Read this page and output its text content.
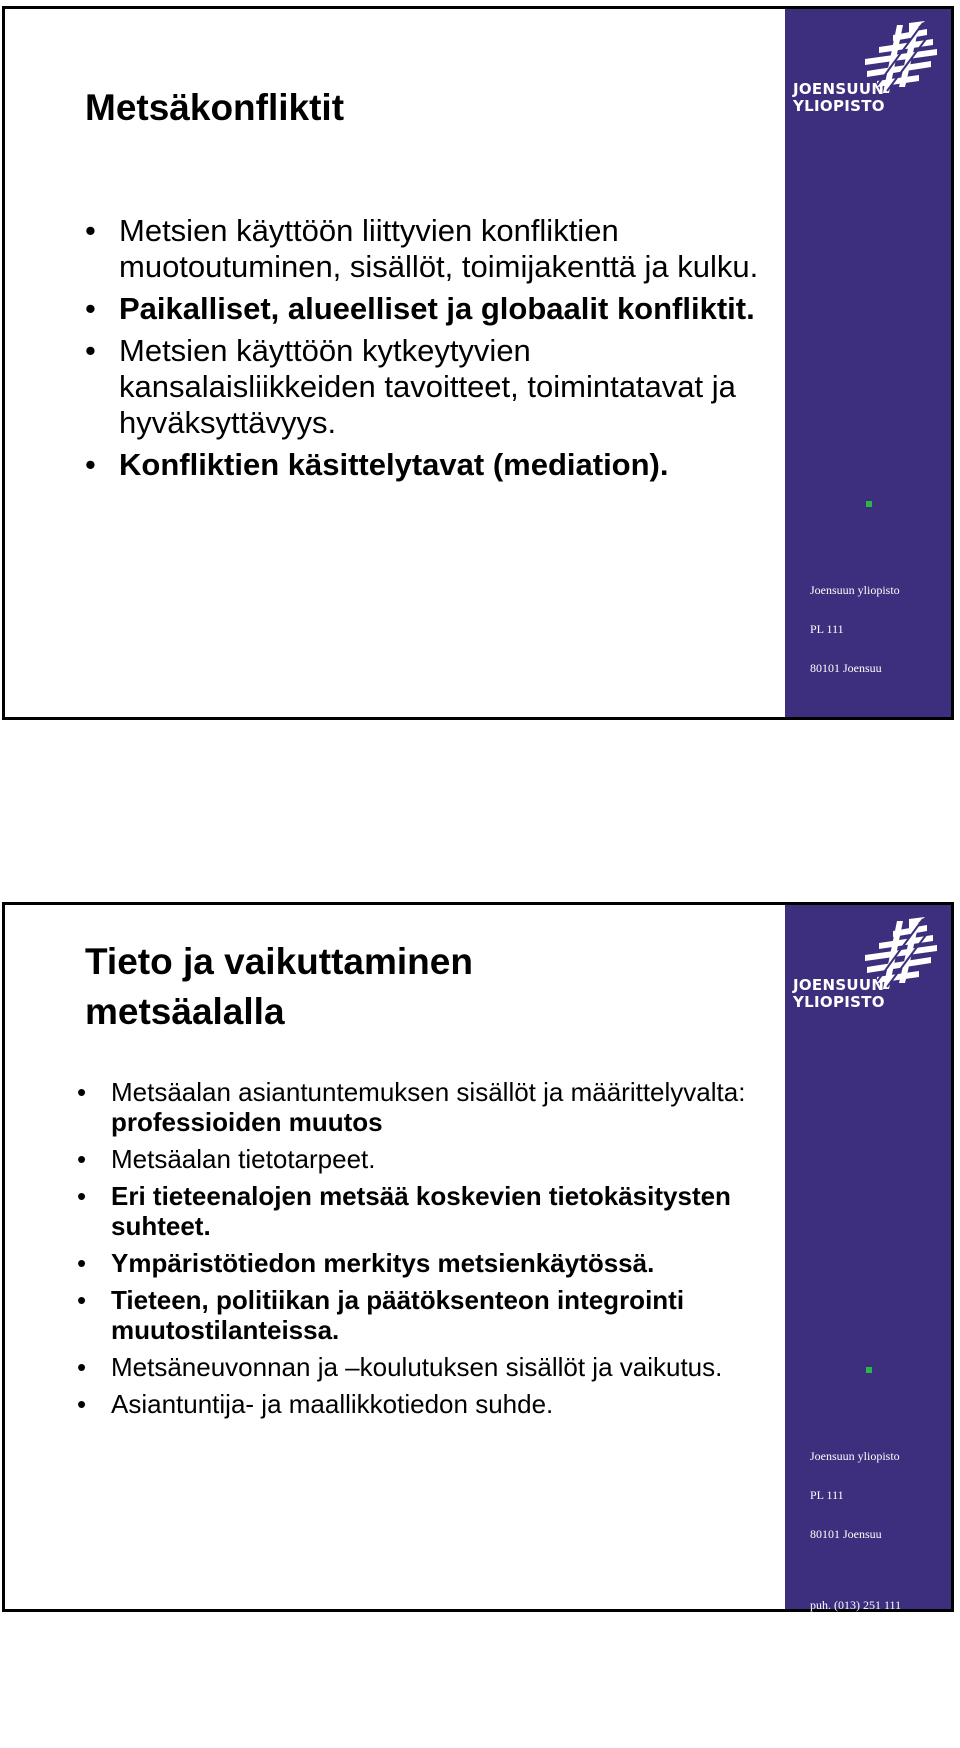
Metsäkonfliktit
• Metsien käyttöön liittyvien konfliktien muotoutuminen, sisällöt, toimijakenttä ja kulku.
• Paikalliset, alueelliset ja globaalit konfliktit.
• Metsien käyttöön kytkeytyvien kansalaisliikkeiden tavoitteet, toimintatavat ja hyväksyttävyys.
• Konfliktien käsittelytavat (mediation).
JOENSUUN
YLIOPISTO

Joensuun yliopisto

PL 111

80101 Joensuu

puh. (013) 251 111

fax    (013) 251 2050

www.joensuu.fi

Tieto ja vaikuttaminen
metsäalalla
• Metsäalan asiantuntemuksen sisällöt ja määrittelyvalta: professioiden muutos
• Metsäalan tietotarpeet.
• Eri tieteenalojen metsää koskevien tietokäsitysten suhteet.
• Ympäristötiedon merkitys metsienkäytössä.
• Tieteen, politiikan ja päätöksenteon integrointi muutostilanteissa.
• Metsäneuvonnan ja –koulutuksen sisällöt ja vaikutus.
• Asiantuntija- ja maallikkotiedon suhde.
JOENSUUN
YLIOPISTO

Joensuun yliopisto

PL 111

80101 Joensuu

puh. (013) 251 111

fax    (013) 251 2050

www.joensuu.fi
